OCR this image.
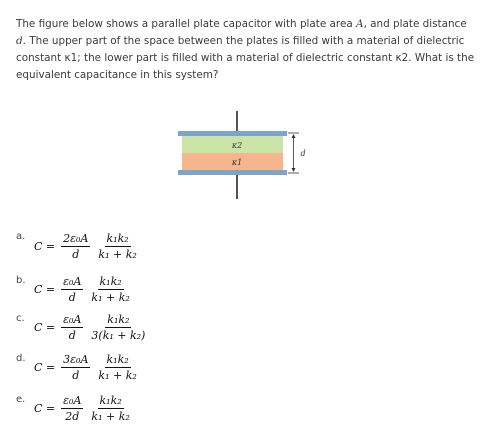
The figure below shows a parallel plate capacitor with plate area A, and plate distance d. The upper part of the space between the plates is filled with a material of dielectric constant κ1; the lower part is filled with a material of dielectric constant κ2. What is the equivalent capacitance in this system?
κ2
κ1
d
a.
$C = \frac{\text{2ε₀A}}{d} \frac{\text{k₁k₂}}{\text{k₁ + k₂}}$
b.
$C = \frac{\text{ε₀A}}{d} \frac{\text{k₁k₂}}{\text{k₁ + k₂}}$
c.
$C = \frac{\text{ε₀A}}{d} \frac{\text{k₁k₂}}{\text{3(k₁ + k₂)}}$
d.
$C = \frac{\text{3ε₀A}}{d} \frac{\text{k₁k₂}}{\text{k₁ + k₂}}$
e.
$C = \frac{\text{ε₀A}}{2d} \frac{\text{k₁k₂}}{\text{k₁ + k₂}}$
